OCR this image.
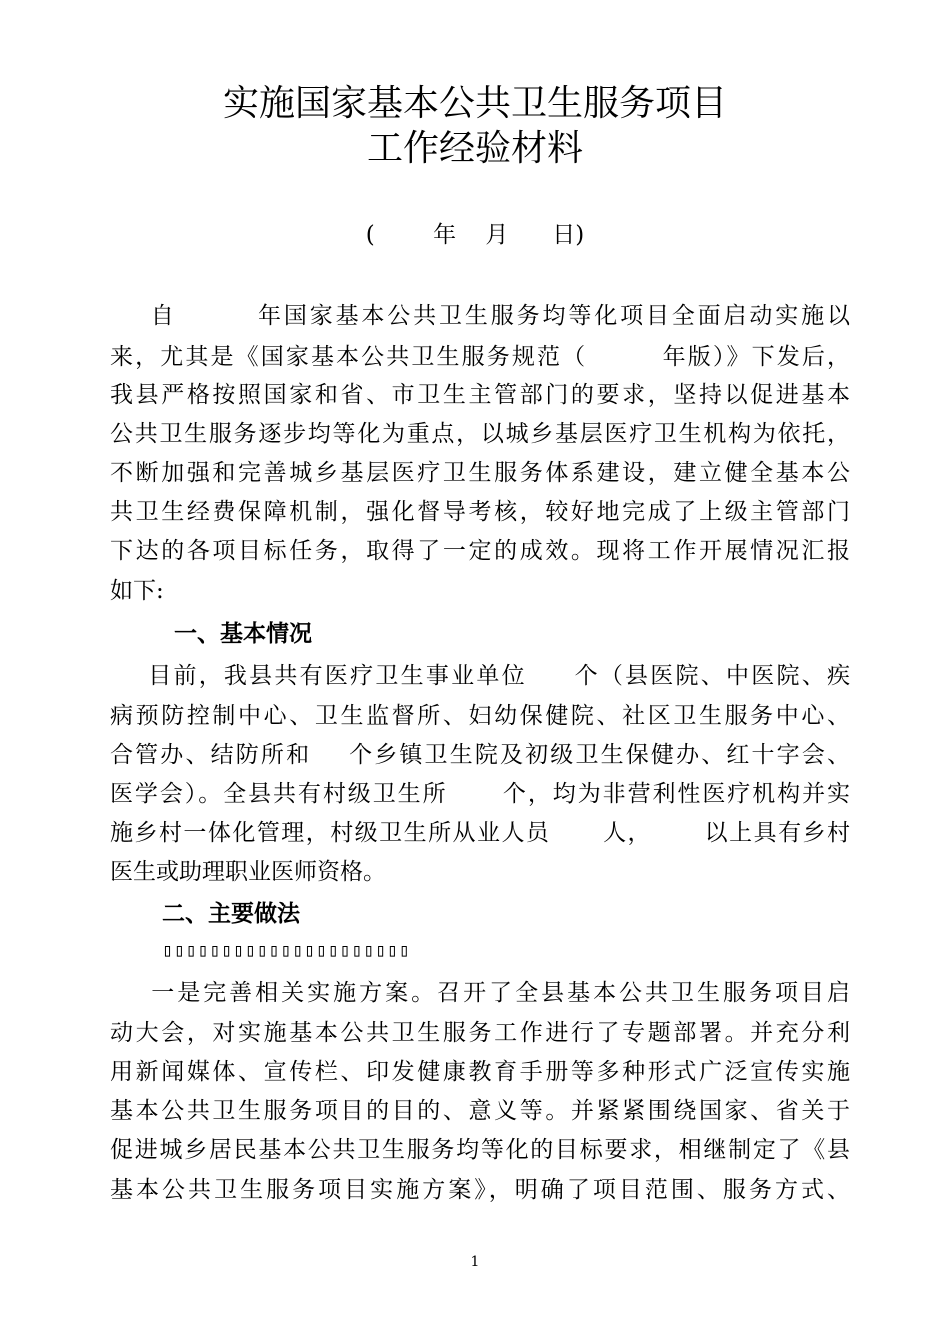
实施国家基本公共卫生服务项目
工作经验材料
(        年    月      日)
自        年国家基本公共卫生服务均等化项目全面启动实施以
来，尤其是《国家基本公共卫生服务规范（        年版）》下发后，
我县严格按照国家和省、市卫生主管部门的要求，坚持以促进基本
公共卫生服务逐步均等化为重点，以城乡基层医疗卫生机构为依托，
不断加强和完善城乡基层医疗卫生服务体系建设，建立健全基本公
共卫生经费保障机制，强化督导考核，较好地完成了上级主管部门
下达的各项目标任务，取得了一定的成效。现将工作开展情况汇报
如下:
一、基本情况
目前，我县共有医疗卫生事业单位     个（县医院、中医院、疾
病预防控制中心、卫生监督所、妇幼保健院、社区卫生服务中心、
合管办、结防所和    个乡镇卫生院及初级卫生保健办、红十字会、
医学会）。全县共有村级卫生所      个，均为非营利性医疗机构并实
施乡村一体化管理，村级卫生所从业人员      人，      以上具有乡村
医生或助理职业医师资格。
二、主要做法
▯▯▯▯▯▯▯▯▯▯▯▯▯▯▯▯▯▯▯▯▯
一是完善相关实施方案。召开了全县基本公共卫生服务项目启
动大会，对实施基本公共卫生服务工作进行了专题部署。并充分利
用新闻媒体、宣传栏、印发健康教育手册等多种形式广泛宣传实施
基本公共卫生服务项目的目的、意义等。并紧紧围绕国家、省关于
促进城乡居民基本公共卫生服务均等化的目标要求，相继制定了《县
基本公共卫生服务项目实施方案》，明确了项目范围、服务方式、
1
